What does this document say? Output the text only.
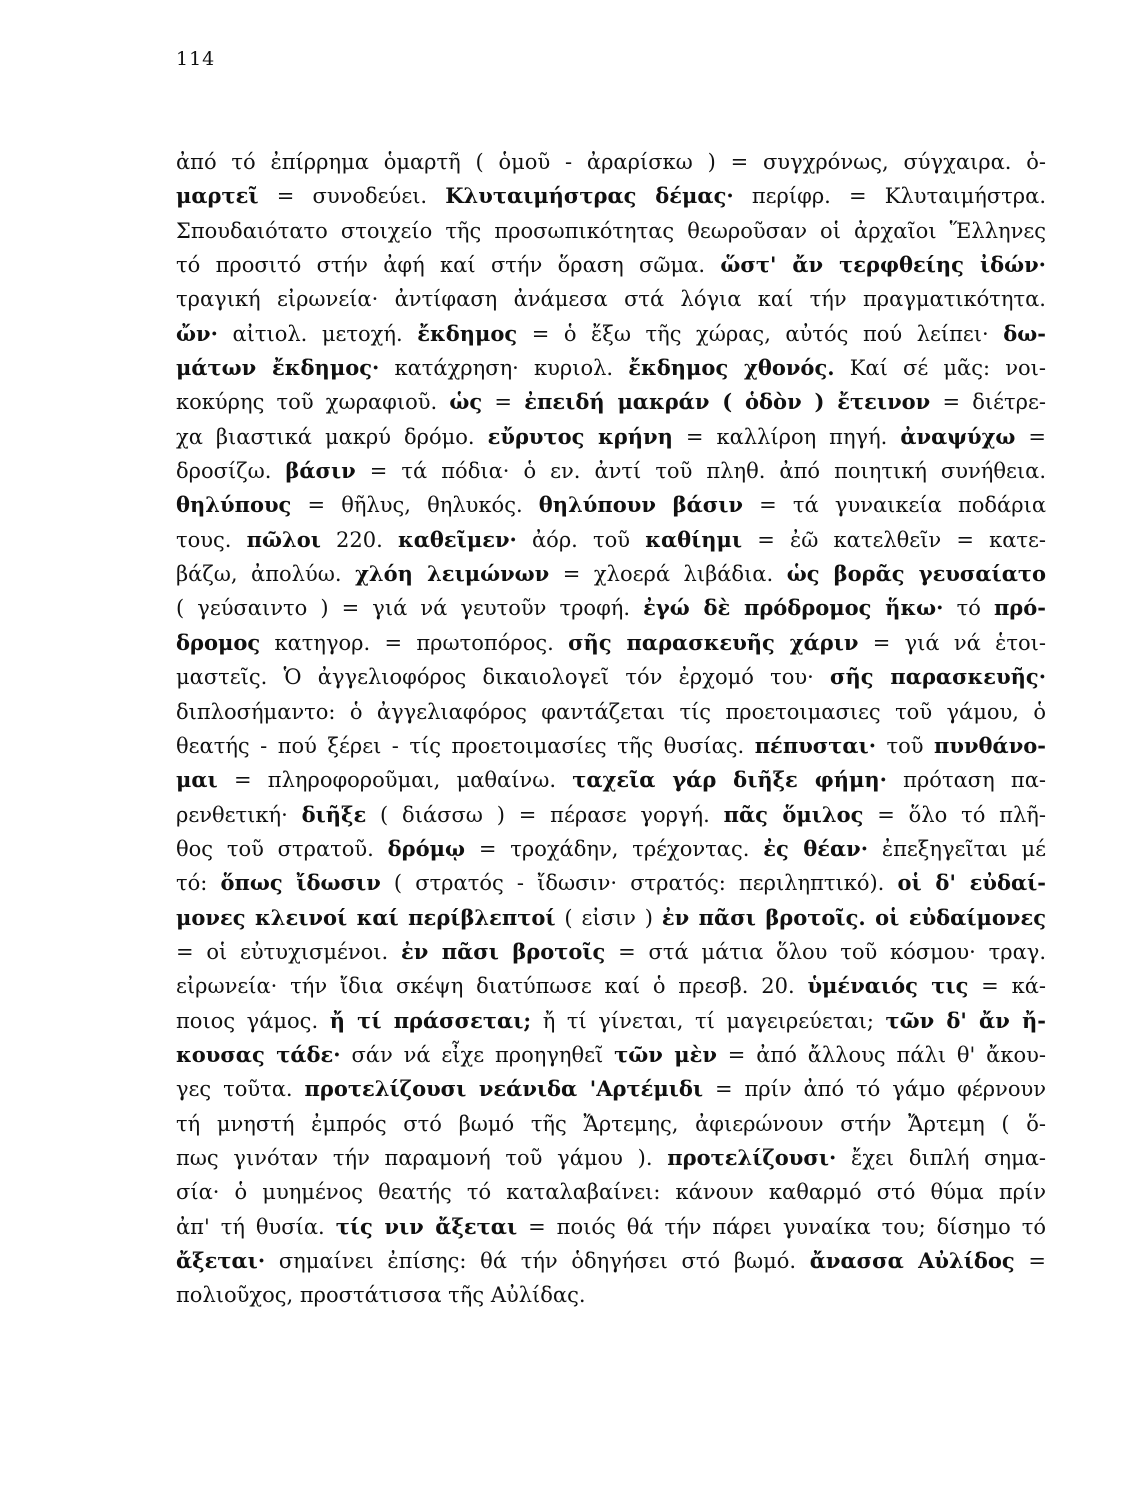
114
ἀπό τό ἐπίρρημα ὁμαρτῆ ( ὁμοῦ - ἀραρίσκω ) = συγχρόνως, σύγχαιρα. ὁ-
μαρτεῖ = συνοδεύει. Κλυταιμήστρας δέμας· περίφρ. = Κλυταιμήστρα.
Σπουδαιότατο στοιχείο τῆς προσωπικότητας θεωροῦσαν οἱ ἀρχαῖοι Ἕλληνες
τό προσιτό στήν ἀφή καί στήν ὅραση σῶμα. ὥστ' ἄν τερφθείης ἰδών·
τραγική εἰρωνεία· ἀντίφαση ἀνάμεσα στά λόγια καί τήν πραγματικότητα.
ὤν· αἰτιολ. μετοχή. ἔκδημος = ὁ ἔξω τῆς χώρας, αὐτός πού λείπει· δω-
μάτων ἔκδημος· κατάχρηση· κυριολ. ἔκδημος χθονός. Καί σέ μᾶς: νοι-
κοκύρης τοῦ χωραφιοῦ. ὡς = ἐπειδή μακράν ( ὁδὸν ) ἔτεινον = διέτρε-
χα βιαστικά μακρύ δρόμο. εὔρυτος κρήνη = καλλίροη πηγή. ἀναψύχω =
δροσίζω. βάσιν = τά πόδια· ὁ εν. ἀντί τοῦ πληθ. ἀπό ποιητική συνήθεια.
θηλύπους = θῆλυς, θηλυκός. θηλύπουν βάσιν = τά γυναικεία ποδάρια
τους. πῶλοι 220. καθεῖμεν· ἀόρ. τοῦ καθίημι = ἐῶ κατελθεῖν = κατε-
βάζω, ἀπολύω. χλόη λειμώνων = χλοερά λιβάδια. ὡς βορᾶς γευσαίατο
( γεύσαιντο ) = γιά νά γευτοῦν τροφή. ἐγώ δὲ πρόδρομος ἥκω· τό πρό-
δρομος κατηγορ. = πρωτοπόρος. σῆς παρασκευῆς χάριν = γιά νά ἑτοι-
μαστεῖς. Ὁ ἀγγελιοφόρος δικαιολογεῖ τόν ἐρχομό του· σῆς παρασκευῆς·
διπλοσήμαντο: ὁ ἀγγελιαφόρος φαντάζεται τίς προετοιμασιες τοῦ γάμου, ὁ
θεατής - πού ξέρει - τίς προετοιμασίες τῆς θυσίας. πέπυσται· τοῦ πυνθάνο-
μαι = πληροφοροῦμαι, μαθαίνω. ταχεῖα γάρ διῆξε φήμη· πρόταση πα-
ρενθετική· διῆξε ( διάσσω ) = πέρασε γοργή. πᾶς ὅμιλος = ὅλο τό πλῆ-
θος τοῦ στρατοῦ. δρόμῳ = τροχάδην, τρέχοντας. ἐς θέαν· ἐπεξηγεῖται μέ
τό: ὅπως ἴδωσιν ( στρατός - ἴδωσιν· στρατός: περιληπτικό). οἱ δ' εὐδαί-
μονες κλεινοί καί περίβλεπτοί ( εἰσιν ) ἐν πᾶσι βροτοῖς. οἱ εὐδαίμονες
= οἱ εὐτυχισμένοι. ἐν πᾶσι βροτοῖς = στά μάτια ὅλου τοῦ κόσμου· τραγ.
εἰρωνεία· τήν ἴδια σκέψη διατύπωσε καί ὁ πρεσβ. 20. ὑμέναιός τις = κά-
ποιος γάμος. ἤ τί πράσσεται; ἤ τί γίνεται, τί μαγειρεύεται; τῶν δ' ἄν ἤ-
κουσας τάδε· σάν νά εἶχε προηγηθεῖ τῶν μὲν = ἀπό ἄλλους πάλι θ' ἄκου-
γες τοῦτα. προτελίζουσι νεάνιδα 'Αρτέμιδι = πρίν ἀπό τό γάμο φέρνουν
τή μνηστή ἐμπρός στό βωμό τῆς Ἄρτεμης, ἀφιερώνουν στήν Ἄρτεμη ( ὅ-
πως γινόταν τήν παραμονή τοῦ γάμου ). προτελίζουσι· ἔχει διπλή σημα-
σία· ὁ μυημένος θεατής τό καταλαβαίνει: κάνουν καθαρμό στό θύμα πρίν
ἀπ' τή θυσία. τίς νιν ἄξεται = ποιός θά τήν πάρει γυναίκα του; δίσημο τό
ἄξεται· σημαίνει ἐπίσης: θά τήν ὁδηγήσει στό βωμό. ἄνασσα Αὐλίδος =
πολιοῦχος, προστάτισσα τῆς Αὐλίδας.
